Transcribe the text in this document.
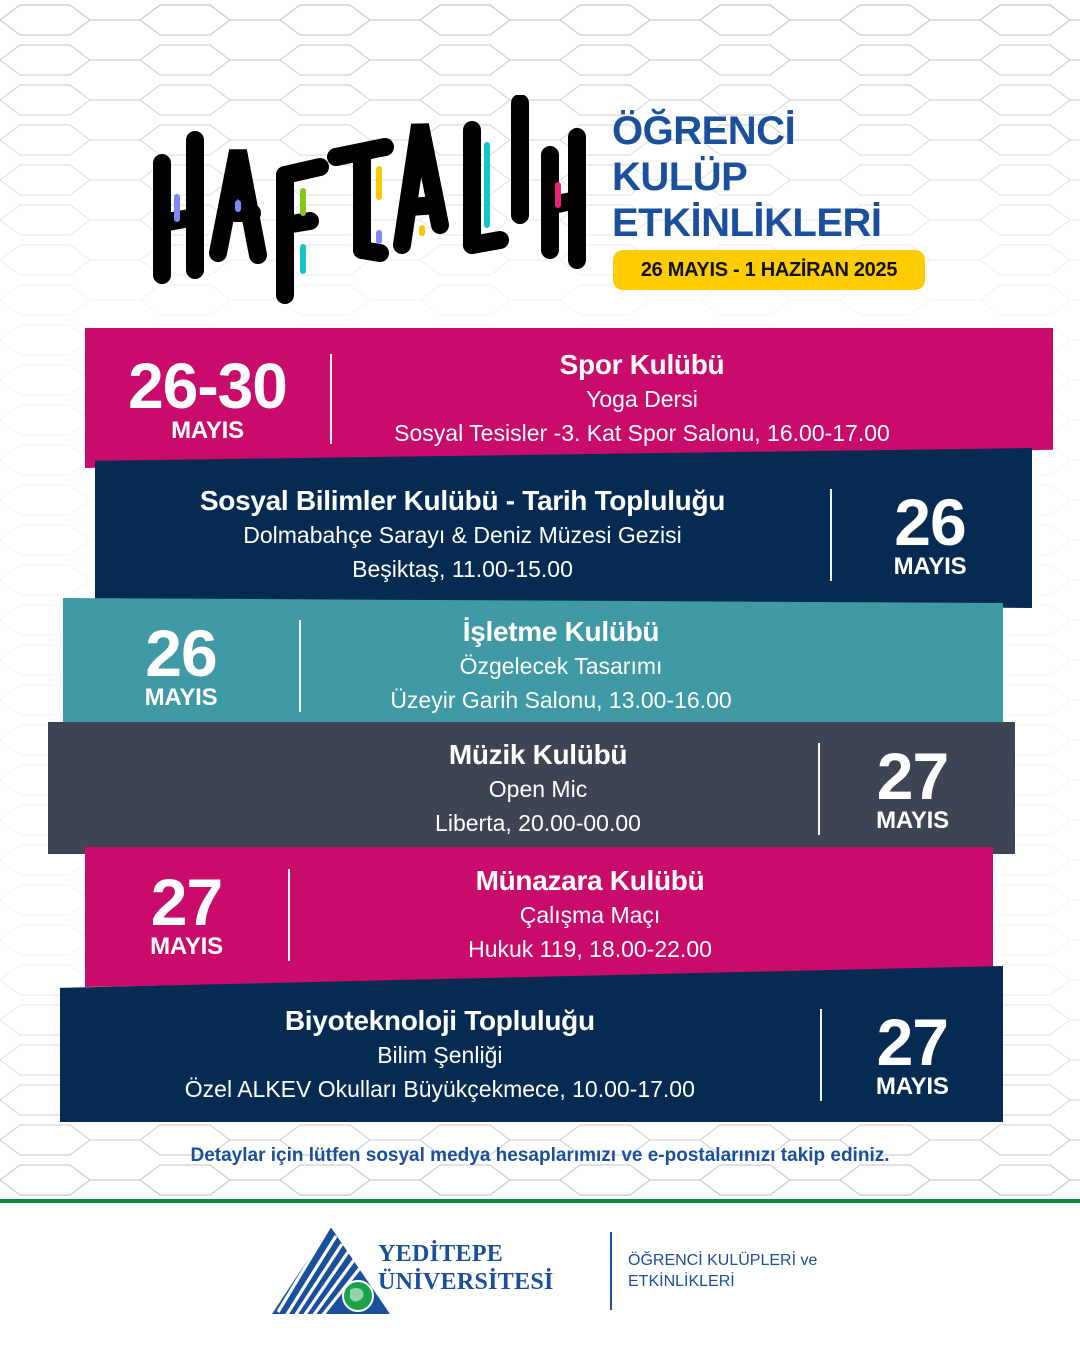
ÖĞRENCİ
KULÜP
ETKİNLİKLERİ
26 MAYIS - 1 HAZİRAN 2025
26-30
MAYIS
Spor Kulübü
Yoga Dersi
Sosyal Tesisler -3. Kat Spor Salonu, 16.00-17.00
Sosyal Bilimler Kulübü - Tarih Topluluğu
Dolmabahçe Sarayı & Deniz Müzesi Gezisi
Beşiktaş, 11.00-15.00
26
MAYIS
26
MAYIS
İşletme Kulübü
Özgelecek Tasarımı
Üzeyir Garih Salonu, 13.00-16.00
Müzik Kulübü
Open Mic
Liberta, 20.00-00.00
27
MAYIS
27
MAYIS
Münazara Kulübü
Çalışma Maçı
Hukuk 119, 18.00-22.00
Biyoteknoloji Topluluğu
Bilim Şenliği
Özel ALKEV Okulları Büyükçekmece, 10.00-17.00
27
MAYIS
Detaylar için lütfen sosyal medya hesaplarımızı ve e-postalarınızı takip ediniz.
YEDİTEPE
ÜNİVERSİTESİ
ÖĞRENCİ KULÜPLERİ ve
ETKİNLİKLERİ
